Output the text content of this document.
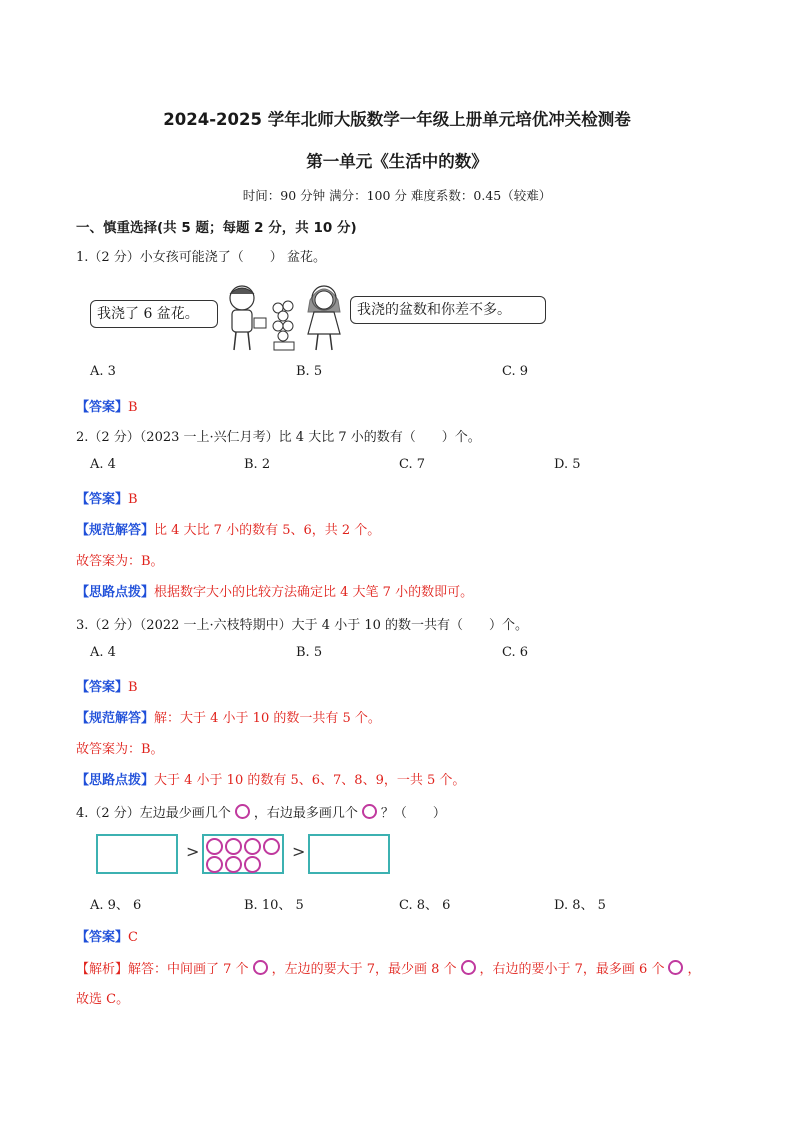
2024-2025 学年北师大版数学一年级上册单元培优冲关检测卷
第一单元《生活中的数》
时间：90 分钟 满分：100 分 难度系数：0.45（较难）
一、慎重选择(共 5 题；每题 2 分，共 10 分)
1.（2 分）小女孩可能浇了（　　） 盆花。
我浇了 6 盆花。	我浇的盆数和你差不多。
A. 3	B. 5	C. 9
【答案】B
2.（2 分）（2023 一上·兴仁月考）比 4 大比 7 小的数有（　　）个。
A. 4	B. 2	C. 7	D. 5
【答案】B
【规范解答】比 4 大比 7 小的数有 5、6，共 2 个。
故答案为：B。
【思路点拨】根据数字大小的比较方法确定比 4 大笔 7 小的数即可。
3.（2 分）（2022 一上·六枝特期中）大于 4 小于 10 的数一共有（　　）个。
A. 4	B. 5	C. 6
【答案】B
【规范解答】解：大于 4 小于 10 的数一共有 5 个。
故答案为：B。
【思路点拨】大于 4 小于 10 的数有 5、6、7、8、9，一共 5 个。
4.（2 分）左边最少画几个 ，右边最多画几个 ？（　　）
>	>
A. 9、 6	B. 10、 5	C. 8、 6	D. 8、 5
【答案】C
【解析】解答：中间画了 7 个 ，左边的要大于 7，最少画 8 个 ，右边的要小于 7，最多画 6 个 ，
故选 C。
